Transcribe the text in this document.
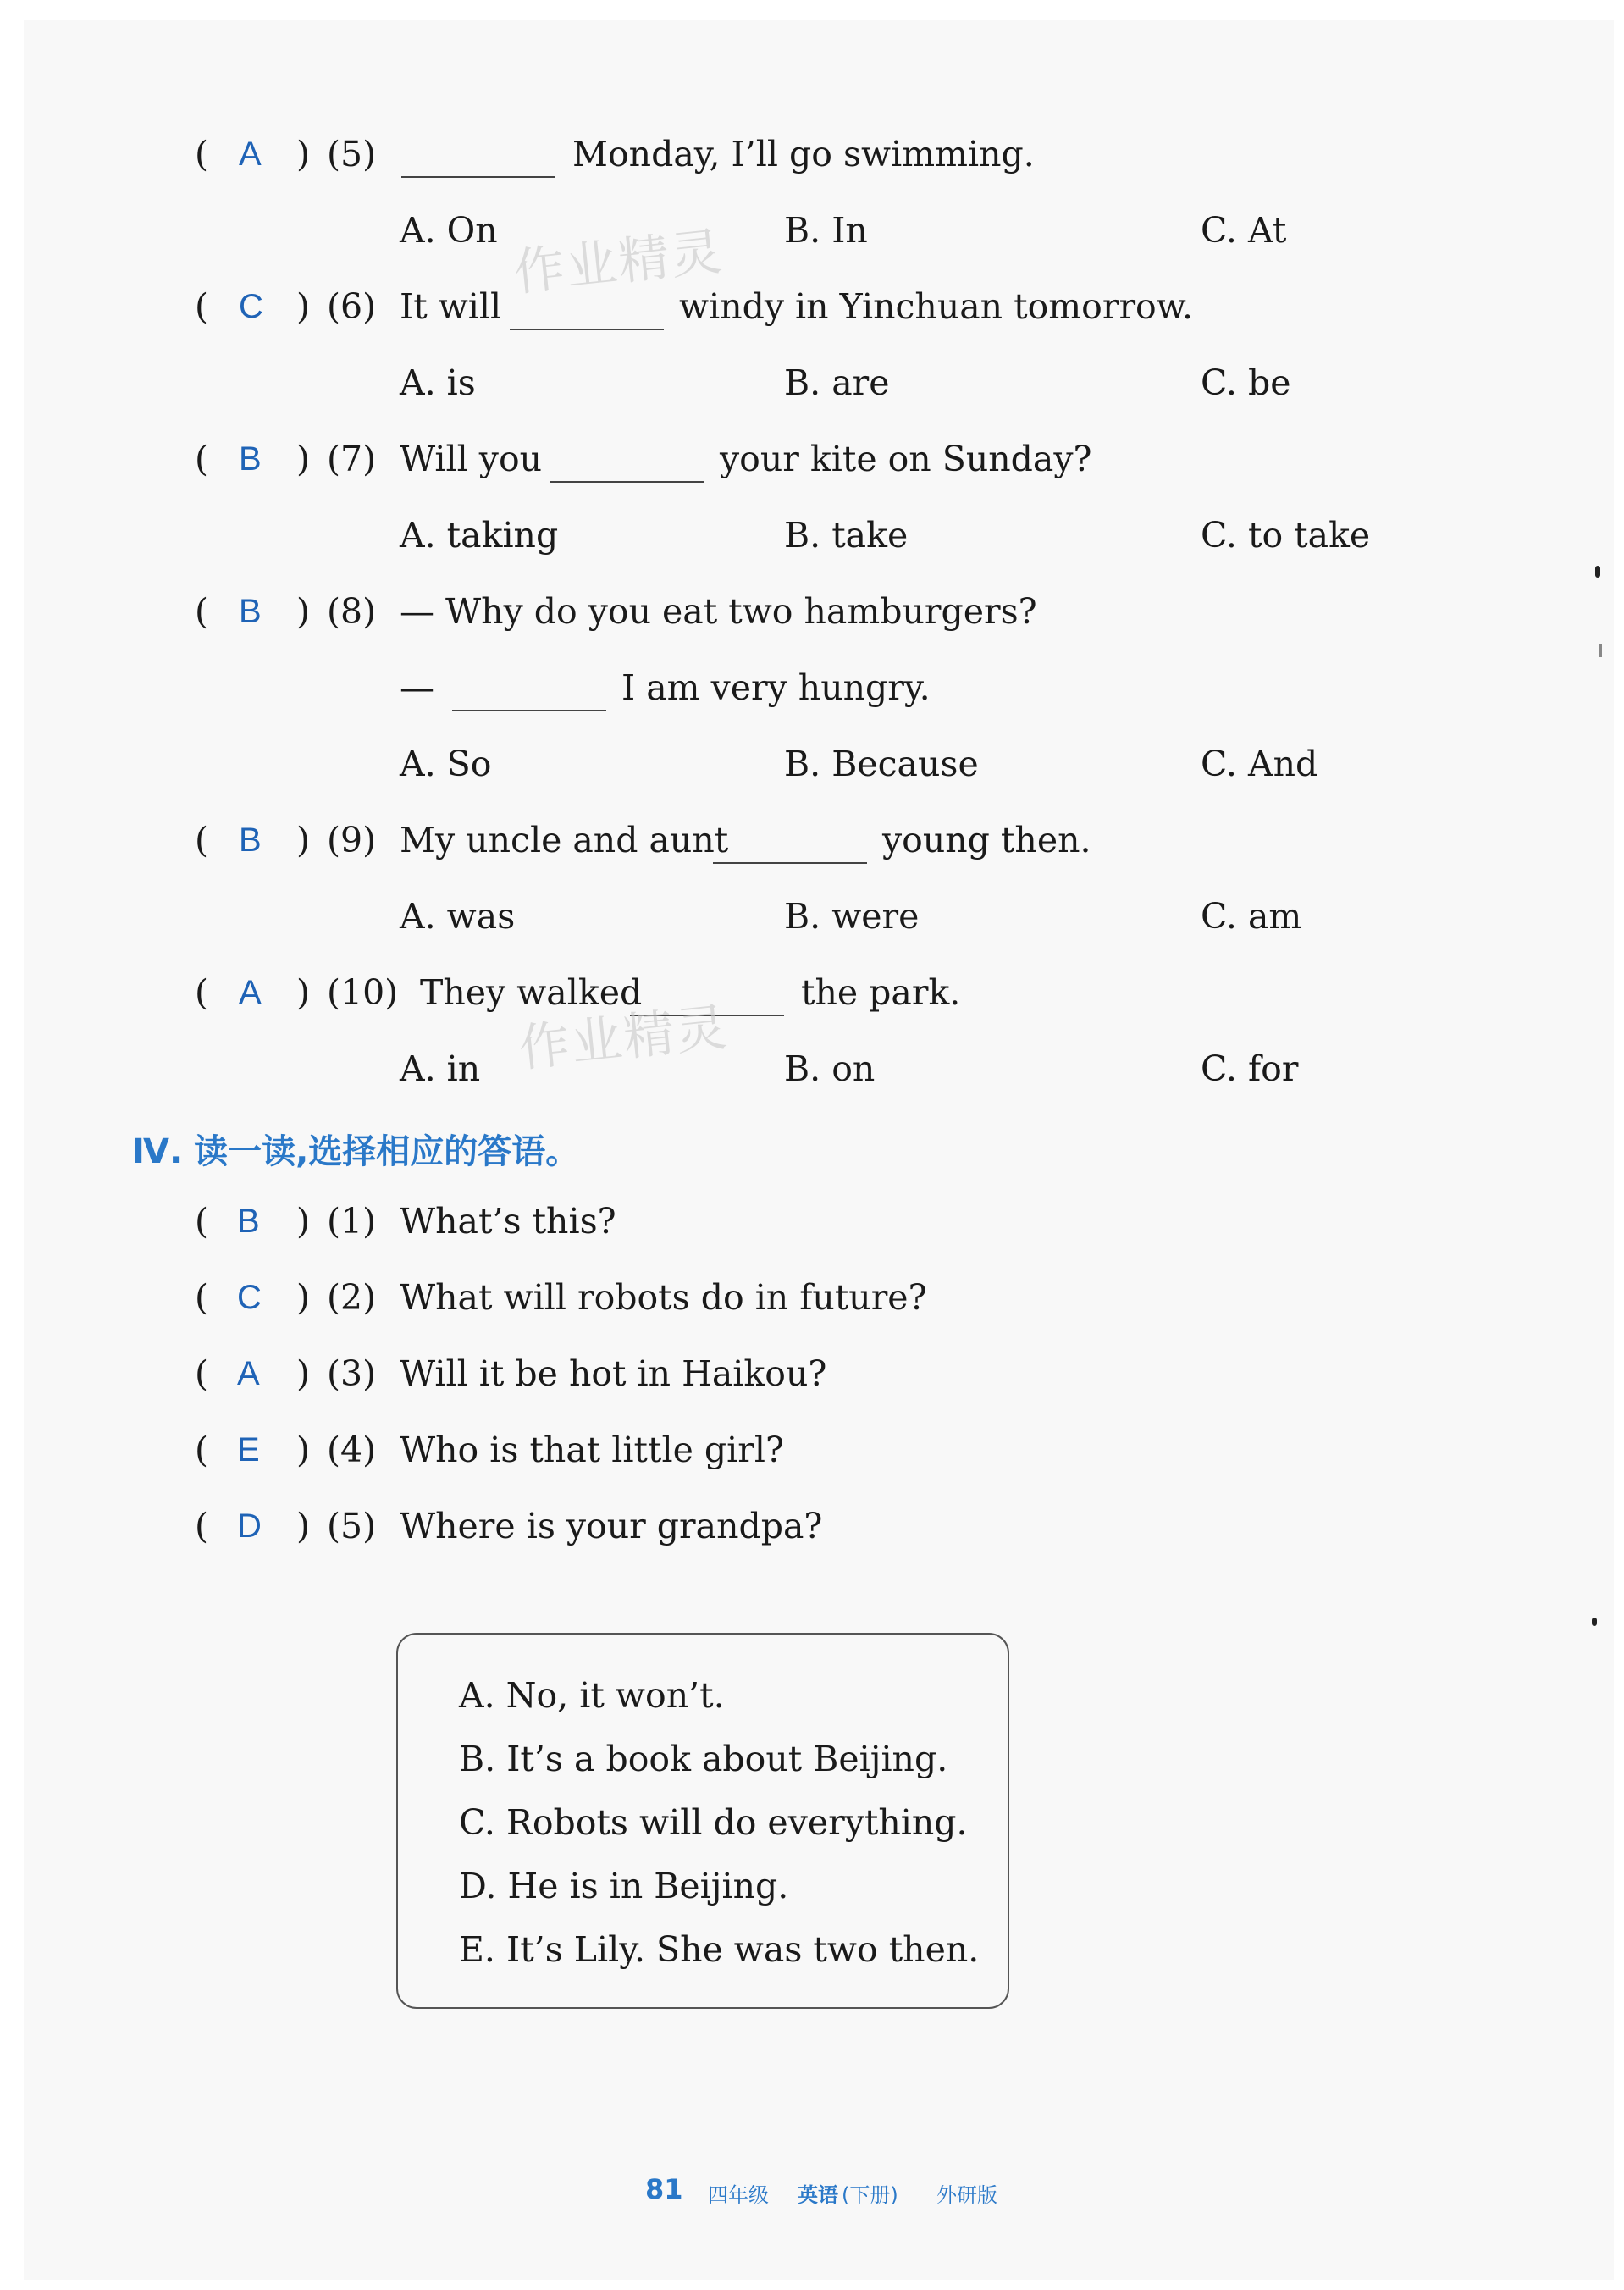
( A ) (5)	Monday, I’ll go swimming.
A. On	B. In	C. At
( C ) (6) It will	windy in Yinchuan tomorrow.
A. is	B. are	C. be
( B ) (7) Will you	your kite on Sunday?
A. taking	B. take	C. to take
( B ) (8) — Why do you eat two hamburgers?
—	I am very hungry.
A. So	B. Because	C. And
( B ) (9) My uncle and aunt	young then.
A. was	B. were	C. am
( A ) (10) They walked	the park.
A. in	B. on	C. for
Ⅳ. 读一读,选择相应的答语。
( B ) (1) What’s this?
( C ) (2) What will robots do in future?
( A ) (3) Will it be hot in Haikou?
( E ) (4) Who is that little girl?
( D ) (5) Where is your grandpa?
A. No, it won’t.
B. It’s a book about Beijing.
C. Robots will do everything.
D. He is in Beijing.
E. It’s Lily. She was two then.
作业精灵
作业精灵
81 四年级 英语 (下册) 外研版
